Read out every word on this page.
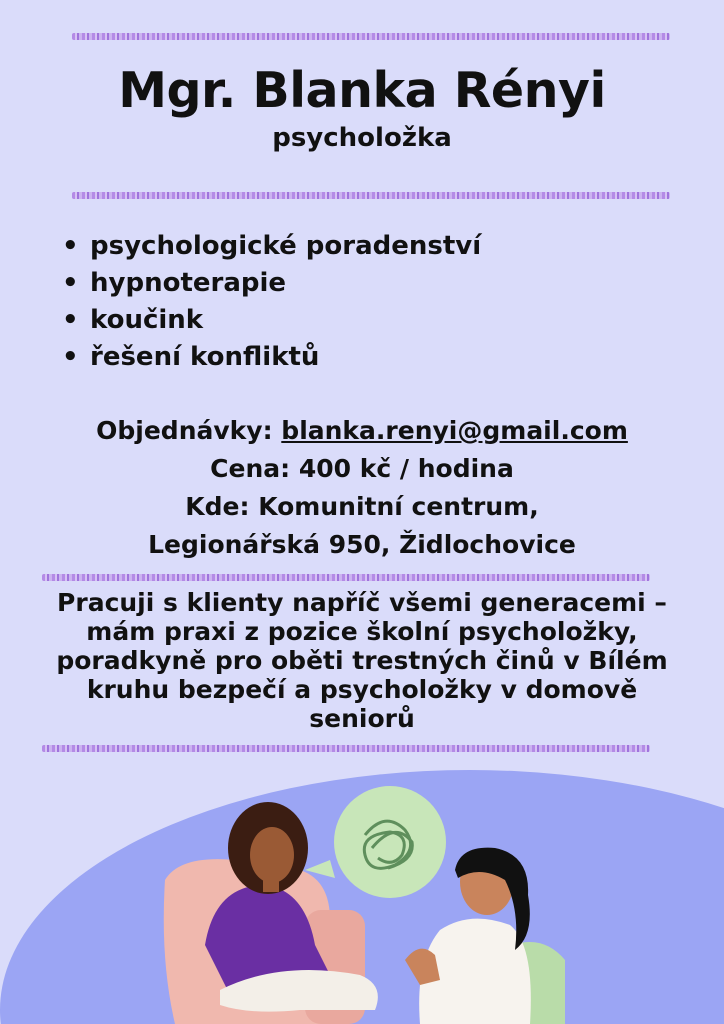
Mgr. Blanka Rényi
psycholožka
• psychologické poradenství
• hypnoterapie
• koučink
• řešení konfliktů
Objednávky: blanka.renyi@gmail.com
Cena: 400 kč / hodina
Kde: Komunitní centrum,
Legionářská 950, Židlochovice

Pracuji s klienty napříč všemi generacemi – mám praxi z pozice školní psycholožky, poradkyně pro oběti trestných činů v Bílém kruhu bezpečí a psycholožky v domově seniorů
